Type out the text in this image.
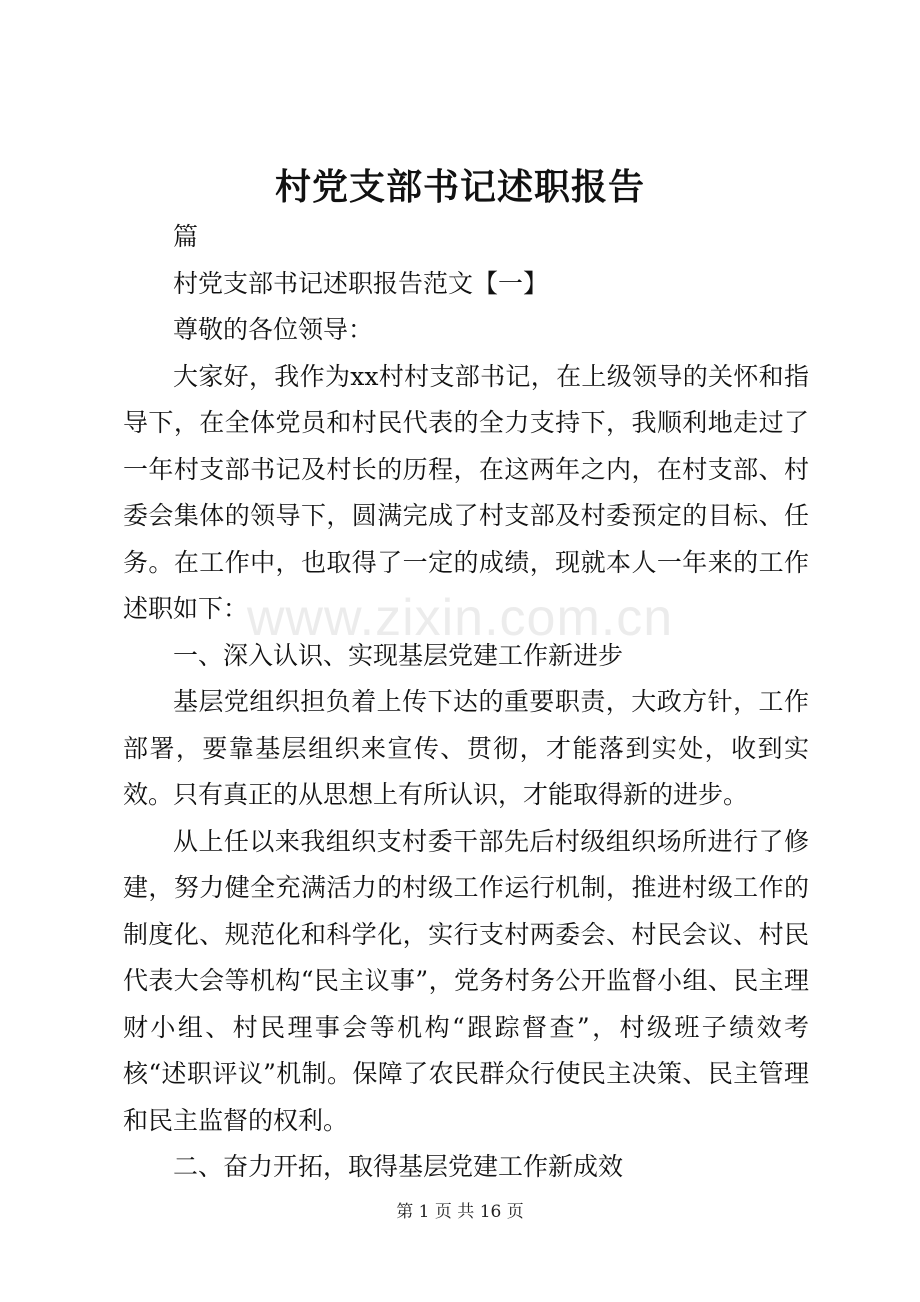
村党支部书记述职报告

篇

村党支部书记述职报告范文【一】

尊敬的各位领导：

大家好，我作为xx村村支部书记，在上级领导的关怀和指导下，在全体党员和村民代表的全力支持下，我顺利地走过了一年村支部书记及村长的历程，在这两年之内，在村支部、村委会集体的领导下，圆满完成了村支部及村委预定的目标、任务。在工作中，也取得了一定的成绩，现就本人一年来的工作述职如下：

一、深入认识、实现基层党建工作新进步

基层党组织担负着上传下达的重要职责，大政方针，工作部署，要靠基层组织来宣传、贯彻，才能落到实处，收到实效。只有真正的从思想上有所认识，才能取得新的进步。

从上任以来我组织支村委干部先后村级组织场所进行了修建，努力健全充满活力的村级工作运行机制，推进村级工作的制度化、规范化和科学化，实行支村两委会、村民会议、村民代表大会等机构“民主议事”，党务村务公开监督小组、民主理财小组、村民理事会等机构“跟踪督查”，村级班子绩效考核“述职评议”机制。保障了农民群众行使民主决策、民主管理和民主监督的权利。

二、奋力开拓，取得基层党建工作新成效

www.zixin.com.cn
第 1 页 共 16 页
